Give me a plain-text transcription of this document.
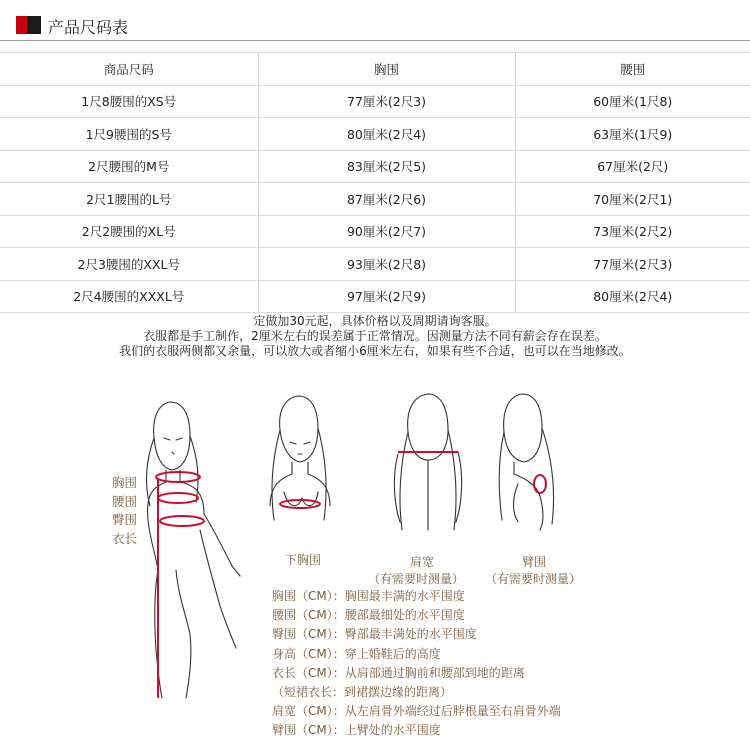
产品尺码表
商品尺码	胸围	腰围
1尺8腰围的XS号	77厘米(2尺3)	60厘米(1尺8)
1尺9腰围的S号	80厘米(2尺4)	63厘米(1尺9)
2尺腰围的M号	83厘米(2尺5)	67厘米(2尺)
2尺1腰围的L号	87厘米(2尺6)	70厘米(2尺1)
2尺2腰围的XL号	90厘米(2尺7)	73厘米(2尺2)
2尺3腰围的XXL号	93厘米(2尺8)	77厘米(2尺3)
2尺4腰围的XXXL号	97厘米(2尺9)	80厘米(2尺4)
定做加30元起，具体价格以及周期请询客服。
衣服都是手工制作，2厘米左右的误差属于正常情况。因测量方法不同有薪会存在误差。
我们的衣服两侧都又余量，可以放大或者缩小6厘米左右，如果有些不合适，也可以在当地修改。
胸围
腰围
臀围
衣长
下胸围	肩宽
（有需要时测量）
臂围
（有需要时测量）
胸围（CM）：胸围最丰满的水平围度
腰围（CM）：腰部最细处的水平围度
臀围（CM）：臀部最丰满处的水平围度
身高（CM）：穿上婚鞋后的高度
衣长（CM）：从肩部通过胸前和腰部到地的距离
（短裙衣长：到裙摆边缘的距离）
肩宽（CM）：从左肩骨外端经过后脖根量至右肩骨外端
臂围（CM）：上臂处的水平围度
